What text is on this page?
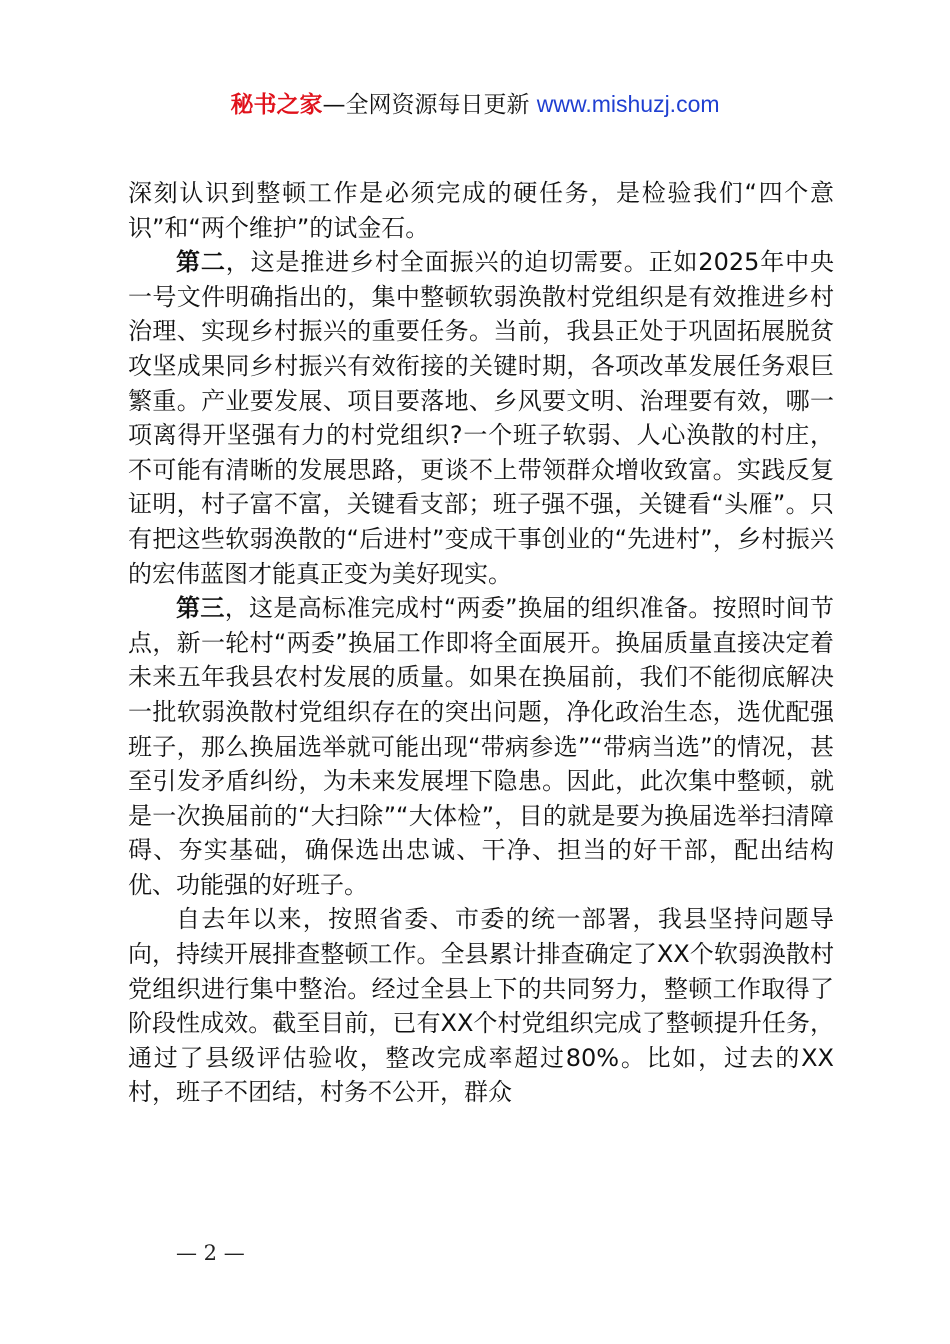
秘书之家—全网资源每日更新 www.mishuzj.com

深刻认识到整顿工作是必须完成的硬任务，是检验我们“四个意识”和“两个维护”的试金石。

第二，这是推进乡村全面振兴的迫切需要。正如2025年中央一号文件明确指出的，集中整顿软弱涣散村党组织是有效推进乡村治理、实现乡村振兴的重要任务。当前，我县正处于巩固拓展脱贫攻坚成果同乡村振兴有效衔接的关键时期，各项改革发展任务艰巨繁重。产业要发展、项目要落地、乡风要文明、治理要有效，哪一项离得开坚强有力的村党组织?一个班子软弱、人心涣散的村庄，不可能有清晰的发展思路，更谈不上带领群众增收致富。实践反复证明，村子富不富，关键看支部；班子强不强，关键看“头雁”。只有把这些软弱涣散的“后进村”变成干事创业的“先进村”，乡村振兴的宏伟蓝图才能真正变为美好现实。

第三，这是高标准完成村“两委”换届的组织准备。按照时间节点，新一轮村“两委”换届工作即将全面展开。换届质量直接决定着未来五年我县农村发展的质量。如果在换届前，我们不能彻底解决一批软弱涣散村党组织存在的突出问题，净化政治生态，选优配强班子，那么换届选举就可能出现“带病参选”“带病当选”的情况，甚至引发矛盾纠纷，为未来发展埋下隐患。因此，此次集中整顿，就是一次换届前的“大扫除”“大体检”，目的就是要为换届选举扫清障碍、夯实基础，确保选出忠诚、干净、担当的好干部，配出结构优、功能强的好班子。

自去年以来，按照省委、市委的统一部署，我县坚持问题导向，持续开展排查整顿工作。全县累计排查确定了XX个软弱涣散村党组织进行集中整治。经过全县上下的共同努力，整顿工作取得了阶段性成效。截至目前，已有XX个村党组织完成了整顿提升任务，通过了县级评估验收，整改完成率超过80%。比如，过去的XX村，班子不团结，村务不公开，群众

— 2 —
